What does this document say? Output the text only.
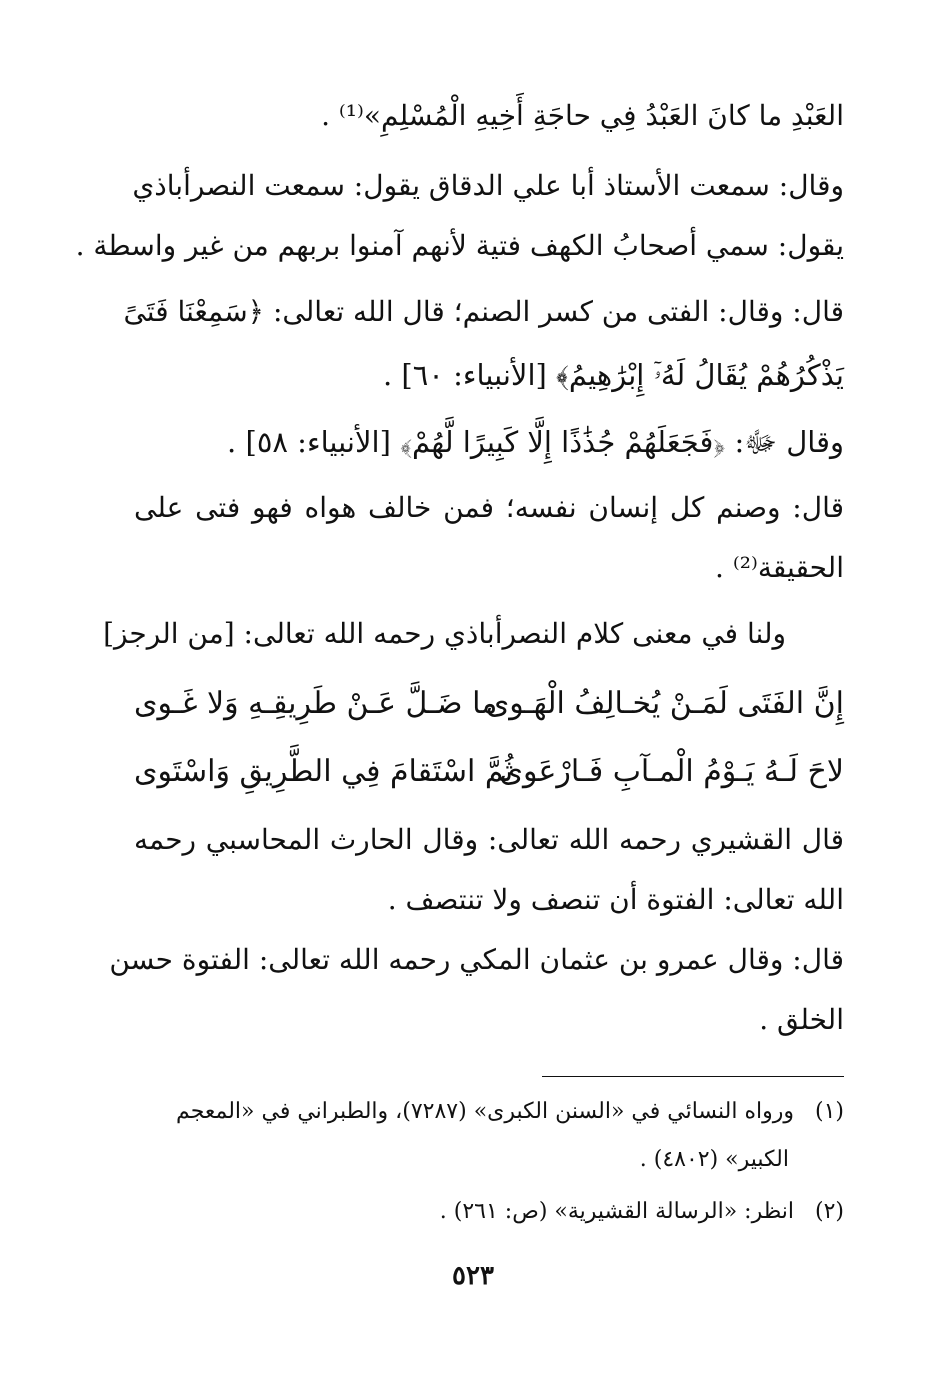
العَبْدِ ما كانَ العَبْدُ فِي حاجَةِ أَخِيهِ الْمُسْلِمِ»⁽¹⁾ .
وقال: سمعت الأستاذ أبا علي الدقاق يقول: سمعت النصرأباذي
يقول: سمي أصحابُ الكهف فتية لأنهم آمنوا بربهم من غير واسطة .
قال: وقال: الفتى من كسر الصنم؛ قال الله تعالى: ﴿سَمِعْنَا فَتَىً
يَذْكُرُهُمْ يُقَالُ لَهُۥٓ إِبْرَٰهِيمُ﴾ [الأنبياء: ٦٠] .
وقال ﷻ: ﴿فَجَعَلَهُمْ جُذَٰذًا إِلَّا كَبِيرًا لَّهُمْ﴾ [الأنبياء: ٥٨] .
قال: وصنم كل إنسان نفسه؛ فمن خالف هواه فهو فتى على
الحقيقة⁽²⁾ .
ولنا في معنى كلام النصرأباذي رحمه الله تعالى: [من الرجز]
إِنَّ الفَتَى لَمَـنْ يُخـالِفُ الْهَـوى
ما ضَـلَّ عَـنْ طَرِيقِـهِ وَلا غَـوى
لاحَ لَـهُ يَـوْمُ الْمـآبِ فَـارْعَوى
ثُمَّ اسْتَقامَ فِي الطَّرِيقِ وَاسْتَوى
قال القشيري رحمه الله تعالى: وقال الحارث المحاسبي رحمه
الله تعالى: الفتوة أن تنصف ولا تنتصف .
قال: وقال عمرو بن عثمان المكي رحمه الله تعالى: الفتوة حسن
الخلق .
(١)ورواه النسائي في «السنن الكبرى» (٧٢٨٧)، والطبراني في «المعجم
الكبير» (٤٨٠٢) .
(٢)انظر: «الرسالة القشيرية» (ص: ٢٦١) .
٥٢٣
